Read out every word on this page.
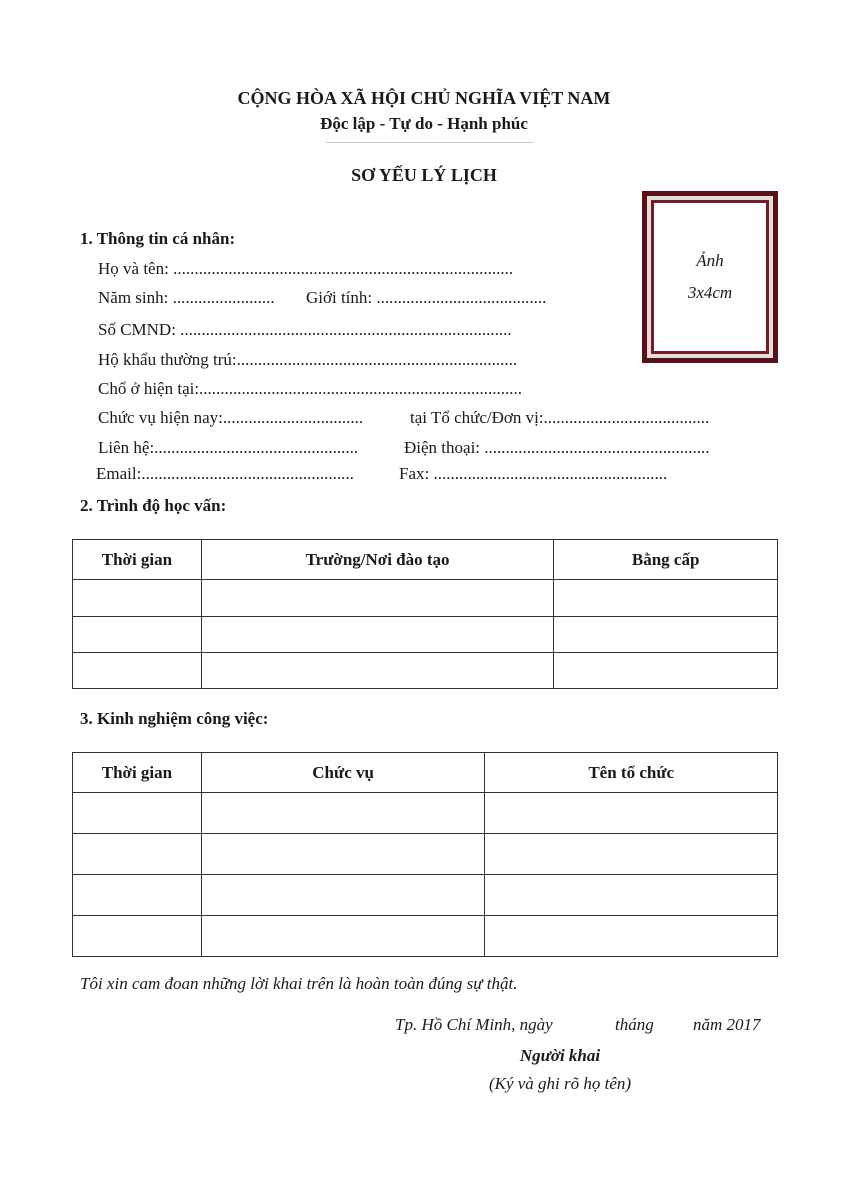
CỘNG HÒA XÃ HỘI CHỦ NGHĨA VIỆT NAM
Độc lập - Tự do - Hạnh phúc
SƠ YẾU LÝ LỊCH
Ảnh
3x4cm
1. Thông tin cá nhân:
Họ và tên: ................................................................................
Năm sinh: ........................ Giới tính: ........................................
Số CMND: ..............................................................................
Hộ khẩu thường trú:..................................................................
Chổ ở hiện tại:............................................................................
Chức vụ hiện nay:.................................	tại Tổ chức/Đơn vị:.......................................
Liên hệ:................................................	Điện thoại: .....................................................
Email:..................................................	Fax: .......................................................
2. Trình độ học vấn:
Thời gian	Trường/Nơi đào tạo	Bằng cấp

3. Kinh nghiệm công việc:
Thời gian	Chức vụ	Tên tổ chức

Tôi xin cam đoan những lời khai trên là hoàn toàn đúng sự thật.
Tp. Hồ Chí Minh, ngày	tháng năm 2017
Người khai
(Ký và ghi rõ họ tên)
